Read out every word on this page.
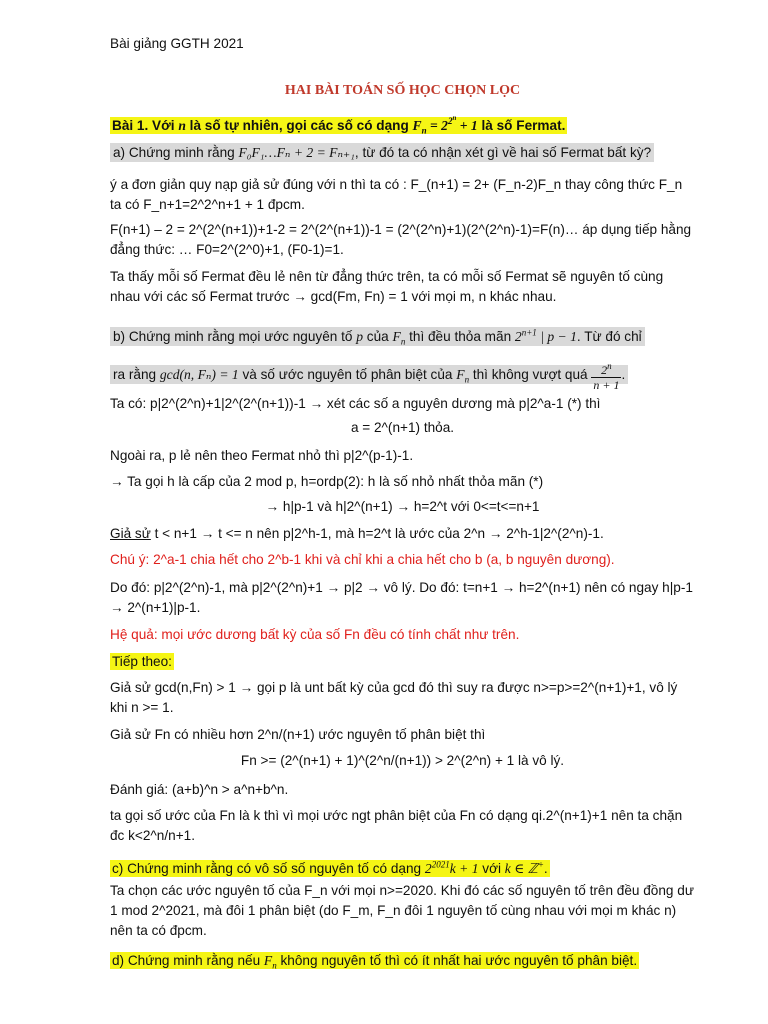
Bài giảng GGTH 2021
HAI BÀI TOÁN SỐ HỌC CHỌN LỌC
Bài 1. Với n là số tự nhiên, gọi các số có dạng $F_n = 2^{2^n} + 1$ là số Fermat.
a) Chứng minh rằng F₀F₁…Fₙ + 2 = Fₙ₊₁, từ đó ta có nhận xét gì về hai số Fermat bất kỳ?
ý a đơn giản quy nạp giả sử đúng với n thì ta có : F_(n+1) = 2+ (F_n-2)F_n thay công thức F_n ta có F_n+1=2^2^n+1 + 1 đpcm.
F(n+1) – 2 = 2^(2^(n+1))+1-2 = 2^(2^(n+1))-1 = (2^(2^n)+1)(2^(2^n)-1)=F(n)… áp dụng tiếp hằng đẳng thức: … F0=2^(2^0)+1, (F0-1)=1.
Ta thấy mỗi số Fermat đều lẻ nên từ đẳng thức trên, ta có mỗi số Fermat sẽ nguyên tố cùng nhau với các số Fermat trước → gcd(Fm, Fn) = 1 với mọi m, n khác nhau.
b) Chứng minh rằng mọi ước nguyên tố p của $F_n$ thì đều thỏa mãn $2^{n+1}$ | p − 1. Từ đó chỉ
ra rằng gcd(n, Fₙ) = 1 và số ước nguyên tố phân biệt của $F_n$ thì không vượt quá $\frac{2^n}{n + 1}$ .
Ta có: p|2^(2^n)+1|2^(2^(n+1))-1 → xét các số a nguyên dương mà p|2^a-1 (*) thì
a = 2^(n+1) thỏa.
Ngoài ra, p lẻ nên theo Fermat nhỏ thì p|2^(p-1)-1.
→ Ta gọi h là cấp của 2 mod p, h=ordp(2): h là số nhỏ nhất thỏa mãn (*)
→ h|p-1 và h|2^(n+1) → h=2^t với 0<=t<=n+1
Giả sử t < n+1 → t <= n nên p|2^h-1, mà h=2^t là ước của 2^n → 2^h-1|2^(2^n)-1.
Chú ý: 2^a-1 chia hết cho 2^b-1 khi và chỉ khi a chia hết cho b (a, b nguyên dương).
Do đó: p|2^(2^n)-1, mà p|2^(2^n)+1 → p|2 → vô lý. Do đó: t=n+1 → h=2^(n+1) nên có ngay h|p-1 → 2^(n+1)|p-1.
Hệ quả: mọi ước dương bất kỳ của số Fn đều có tính chất như trên.
Tiếp theo:
Giả sử gcd(n,Fn) > 1 → gọi p là unt bất kỳ của gcd đó thì suy ra được n>=p>=2^(n+1)+1, vô lý khi n >= 1.
Giả sử Fn có nhiều hơn 2^n/(n+1) ước nguyên tố phân biệt thì
Fn >= (2^(n+1) + 1)^(2^n/(n+1)) > 2^(2^n) + 1 là vô lý.
Đánh giá: (a+b)^n > a^n+b^n.
ta gọi số ước của Fn là k thì vì mọi ước ngt phân biệt của Fn có dạng qi.2^(n+1)+1 nên ta chặn đc k<2^n/n+1.
c) Chứng minh rằng có vô số số nguyên tố có dạng $2^{2021}k + 1$ với k ∈ ℤ+.
Ta chọn các ước nguyên tố của F_n với mọi n>=2020. Khi đó các số nguyên tố trên đều đồng dư 1 mod 2^2021, mà đôi 1 phân biệt (do F_m, F_n đôi 1 nguyên tố cùng nhau với mọi m khác n) nên ta có đpcm.
d) Chứng minh rằng nếu $F_n$ không nguyên tố thì có ít nhất hai ước nguyên tố phân biệt.
